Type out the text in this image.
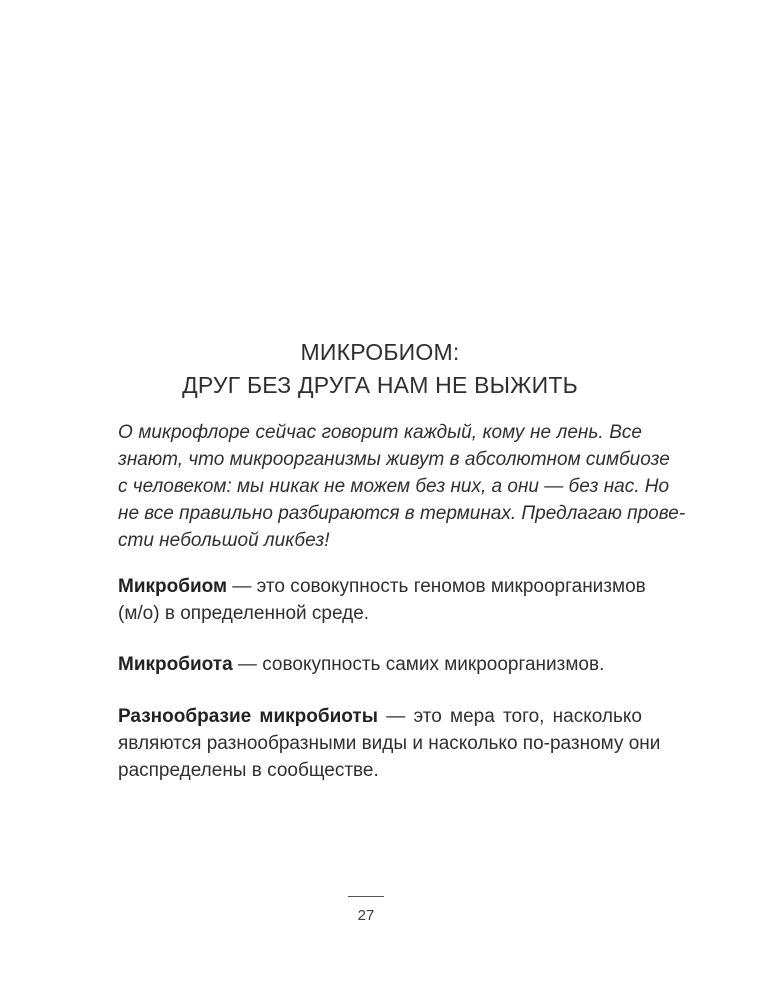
МИКРОБИОМ:
ДРУГ БЕЗ ДРУГА НАМ НЕ ВЫЖИТЬ
О микрофлоре сейчас говорит каждый, кому не лень. Все
знают, что микроорганизмы живут в абсолютном симбиозе
с человеком: мы никак не можем без них, а они — без нас. Но
не все правильно разбираются в терминах. Предлагаю прове-
сти небольшой ликбез!
Микробиом — это совокупность геномов микроорганизмов
(м/о) в определенной среде.
Микробиота — совокупность самих микроорганизмов.
Разнообразие микробиоты — это мера того, насколько
являются разнообразными виды и насколько по-разному они
распределены в сообществе.
27
